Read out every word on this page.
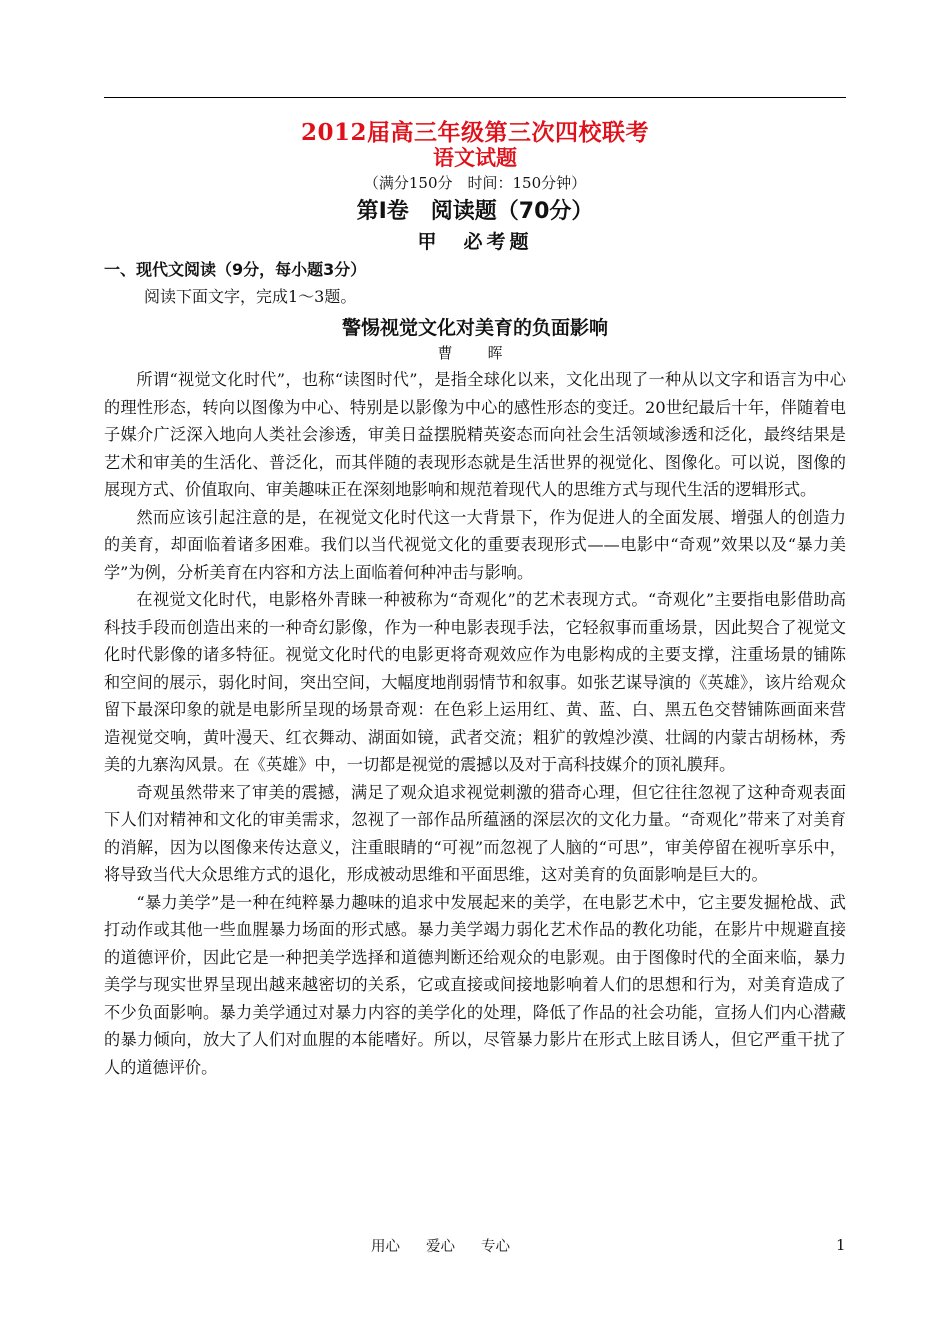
2012届高三年级第三次四校联考
语文试题
（满分150分　时间：150分钟）
第Ⅰ卷　阅读题（70分）
甲　必考题
一、现代文阅读（9分，每小题3分）
阅读下面文字，完成1～3题。
警惕视觉文化对美育的负面影响
曹　晖

所谓“视觉文化时代”，也称“读图时代”，是指全球化以来，文化出现了一种从以文字和语言为中心的理性形态，转向以图像为中心、特别是以影像为中心的感性形态的变迁。20世纪最后十年，伴随着电子媒介广泛深入地向人类社会渗透，审美日益摆脱精英姿态而向社会生活领域渗透和泛化，最终结果是艺术和审美的生活化、普泛化，而其伴随的表现形态就是生活世界的视觉化、图像化。可以说，图像的展现方式、价值取向、审美趣味正在深刻地影响和规范着现代人的思维方式与现代生活的逻辑形式。

然而应该引起注意的是，在视觉文化时代这一大背景下，作为促进人的全面发展、增强人的创造力的美育，却面临着诸多困难。我们以当代视觉文化的重要表现形式——电影中“奇观”效果以及“暴力美学”为例，分析美育在内容和方法上面临着何种冲击与影响。

在视觉文化时代，电影格外青睐一种被称为“奇观化”的艺术表现方式。“奇观化”主要指电影借助高科技手段而创造出来的一种奇幻影像，作为一种电影表现手法，它轻叙事而重场景，因此契合了视觉文化时代影像的诸多特征。视觉文化时代的电影更将奇观效应作为电影构成的主要支撑，注重场景的铺陈和空间的展示，弱化时间，突出空间，大幅度地削弱情节和叙事。如张艺谋导演的《英雄》，该片给观众留下最深印象的就是电影所呈现的场景奇观：在色彩上运用红、黄、蓝、白、黑五色交替铺陈画面来营造视觉交响，黄叶漫天、红衣舞动、湖面如镜，武者交流；粗犷的敦煌沙漠、壮阔的内蒙古胡杨林，秀美的九寨沟风景。在《英雄》中，一切都是视觉的震撼以及对于高科技媒介的顶礼膜拜。

奇观虽然带来了审美的震撼，满足了观众追求视觉刺激的猎奇心理，但它往往忽视了这种奇观表面下人们对精神和文化的审美需求，忽视了一部作品所蕴涵的深层次的文化力量。“奇观化”带来了对美育的消解，因为以图像来传达意义，注重眼睛的“可视”而忽视了人脑的“可思”，审美停留在视听享乐中，将导致当代大众思维方式的退化，形成被动思维和平面思维，这对美育的负面影响是巨大的。

“暴力美学”是一种在纯粹暴力趣味的追求中发展起来的美学，在电影艺术中，它主要发掘枪战、武打动作或其他一些血腥暴力场面的形式感。暴力美学竭力弱化艺术作品的教化功能，在影片中规避直接的道德评价，因此它是一种把美学选择和道德判断还给观众的电影观。由于图像时代的全面来临，暴力美学与现实世界呈现出越来越密切的关系，它或直接或间接地影响着人们的思想和行为，对美育造成了不少负面影响。暴力美学通过对暴力内容的美学化的处理，降低了作品的社会功能，宣扬人们内心潜藏的暴力倾向，放大了人们对血腥的本能嗜好。所以，尽管暴力影片在形式上眩目诱人，但它严重干扰了人的道德评价。

用心 爱心 专心	1
